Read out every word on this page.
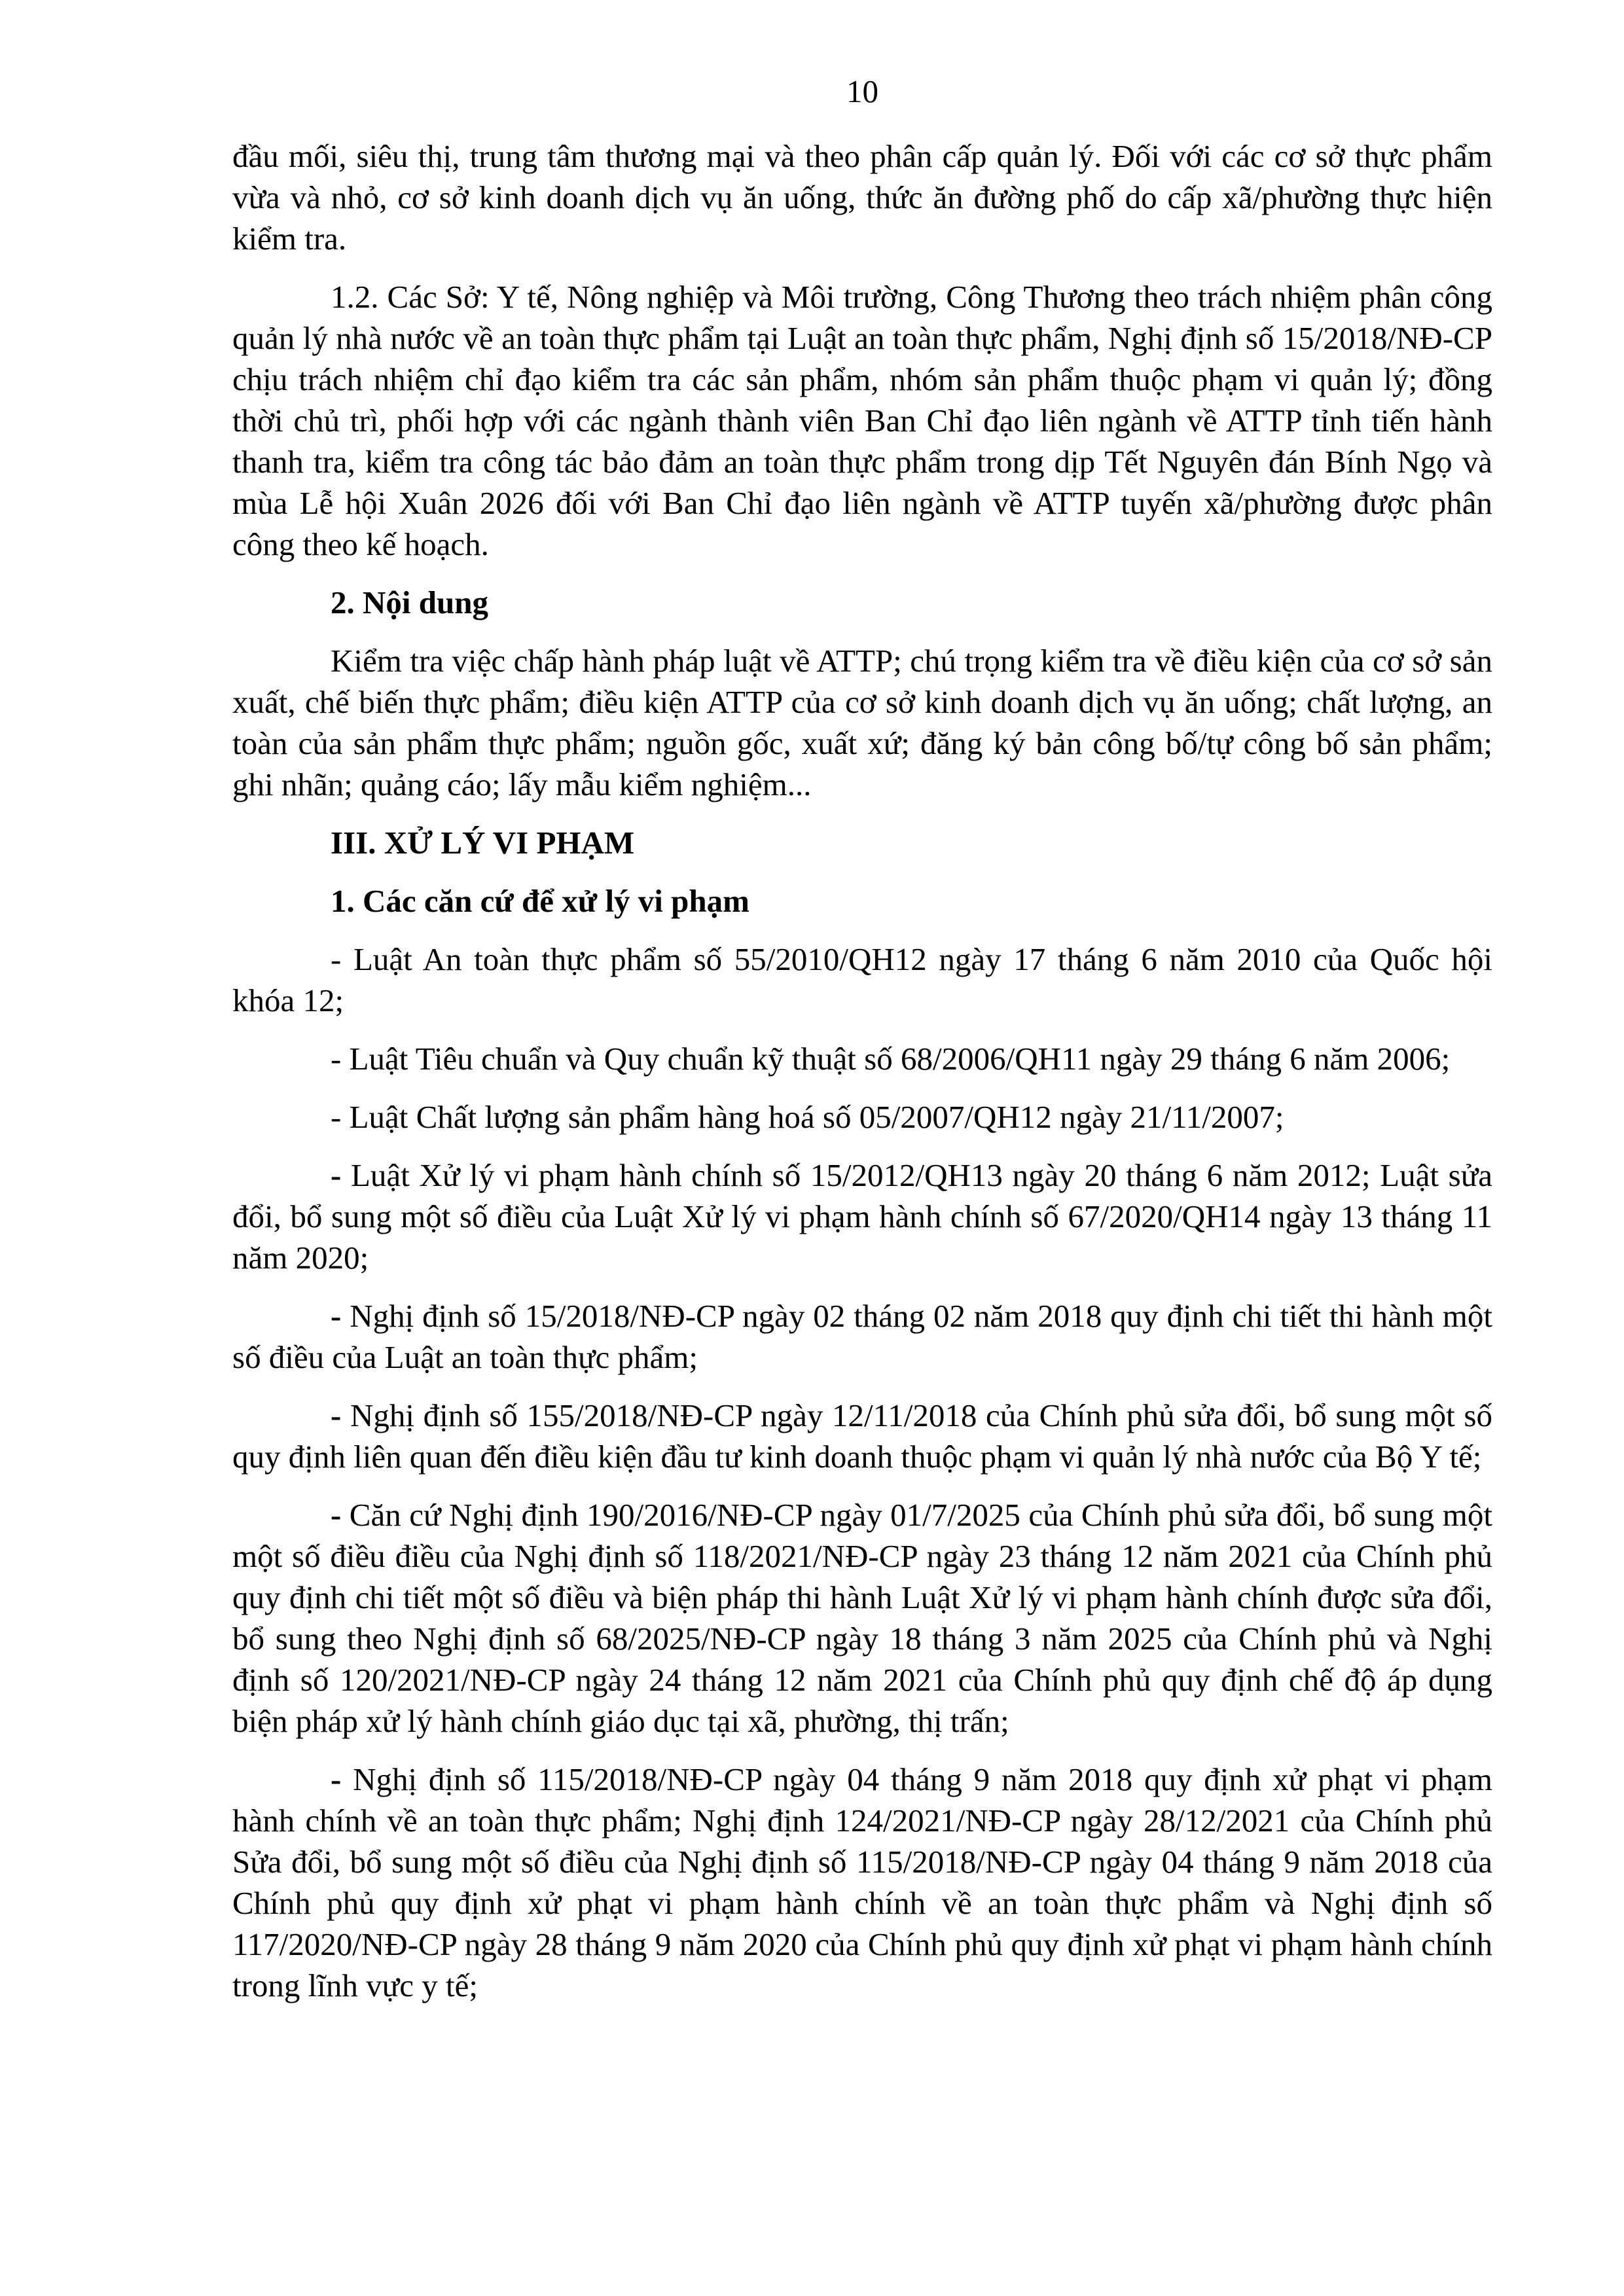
10

đầu mối, siêu thị, trung tâm thương mại và theo phân cấp quản lý. Đối với các cơ sở thực phẩm vừa và nhỏ, cơ sở kinh doanh dịch vụ ăn uống, thức ăn đường phố do cấp xã/phường thực hiện kiểm tra.

1.2. Các Sở: Y tế, Nông nghiệp và Môi trường, Công Thương theo trách nhiệm phân công quản lý nhà nước về an toàn thực phẩm tại Luật an toàn thực phẩm, Nghị định số 15/2018/NĐ-CP chịu trách nhiệm chỉ đạo kiểm tra các sản phẩm, nhóm sản phẩm thuộc phạm vi quản lý; đồng thời chủ trì, phối hợp với các ngành thành viên Ban Chỉ đạo liên ngành về ATTP tỉnh tiến hành thanh tra, kiểm tra công tác bảo đảm an toàn thực phẩm trong dịp Tết Nguyên đán Bính Ngọ và mùa Lễ hội Xuân 2026 đối với Ban Chỉ đạo liên ngành về ATTP tuyến xã/phường được phân công theo kế hoạch.

2. Nội dung

Kiểm tra việc chấp hành pháp luật về ATTP; chú trọng kiểm tra về điều kiện của cơ sở sản xuất, chế biến thực phẩm; điều kiện ATTP của cơ sở kinh doanh dịch vụ ăn uống; chất lượng, an toàn của sản phẩm thực phẩm; nguồn gốc, xuất xứ; đăng ký bản công bố/tự công bố sản phẩm; ghi nhãn; quảng cáo; lấy mẫu kiểm nghiệm...

III. XỬ LÝ VI PHẠM

1. Các căn cứ để xử lý vi phạm

- Luật An toàn thực phẩm số 55/2010/QH12 ngày 17 tháng 6 năm 2010 của Quốc hội khóa 12;

- Luật Tiêu chuẩn và Quy chuẩn kỹ thuật số 68/2006/QH11 ngày 29 tháng 6 năm 2006;

- Luật Chất lượng sản phẩm hàng hoá số 05/2007/QH12 ngày 21/11/2007;

- Luật Xử lý vi phạm hành chính số 15/2012/QH13 ngày 20 tháng 6 năm 2012; Luật sửa đổi, bổ sung một số điều của Luật Xử lý vi phạm hành chính số 67/2020/QH14 ngày 13 tháng 11 năm 2020;

- Nghị định số 15/2018/NĐ-CP ngày 02 tháng 02 năm 2018 quy định chi tiết thi hành một số điều của Luật an toàn thực phẩm;

- Nghị định số 155/2018/NĐ-CP ngày 12/11/2018 của Chính phủ sửa đổi, bổ sung một số quy định liên quan đến điều kiện đầu tư kinh doanh thuộc phạm vi quản lý nhà nước của Bộ Y tế;

- Căn cứ Nghị định 190/2016/NĐ-CP ngày 01/7/2025 của Chính phủ sửa đổi, bổ sung một một số điều điều của Nghị định số 118/2021/NĐ-CP ngày 23 tháng 12 năm 2021 của Chính phủ quy định chi tiết một số điều và biện pháp thi hành Luật Xử lý vi phạm hành chính được sửa đổi, bổ sung theo Nghị định số 68/2025/NĐ-CP ngày 18 tháng 3 năm 2025 của Chính phủ và Nghị định số 120/2021/NĐ-CP ngày 24 tháng 12 năm 2021 của Chính phủ quy định chế độ áp dụng biện pháp xử lý hành chính giáo dục tại xã, phường, thị trấn;

- Nghị định số 115/2018/NĐ-CP ngày 04 tháng 9 năm 2018 quy định xử phạt vi phạm hành chính về an toàn thực phẩm; Nghị định 124/2021/NĐ-CP ngày 28/12/2021 của Chính phủ Sửa đổi, bổ sung một số điều của Nghị định số 115/2018/NĐ-CP ngày 04 tháng 9 năm 2018 của Chính phủ quy định xử phạt vi phạm hành chính về an toàn thực phẩm và Nghị định số 117/2020/NĐ-CP ngày 28 tháng 9 năm 2020 của Chính phủ quy định xử phạt vi phạm hành chính trong lĩnh vực y tế;
